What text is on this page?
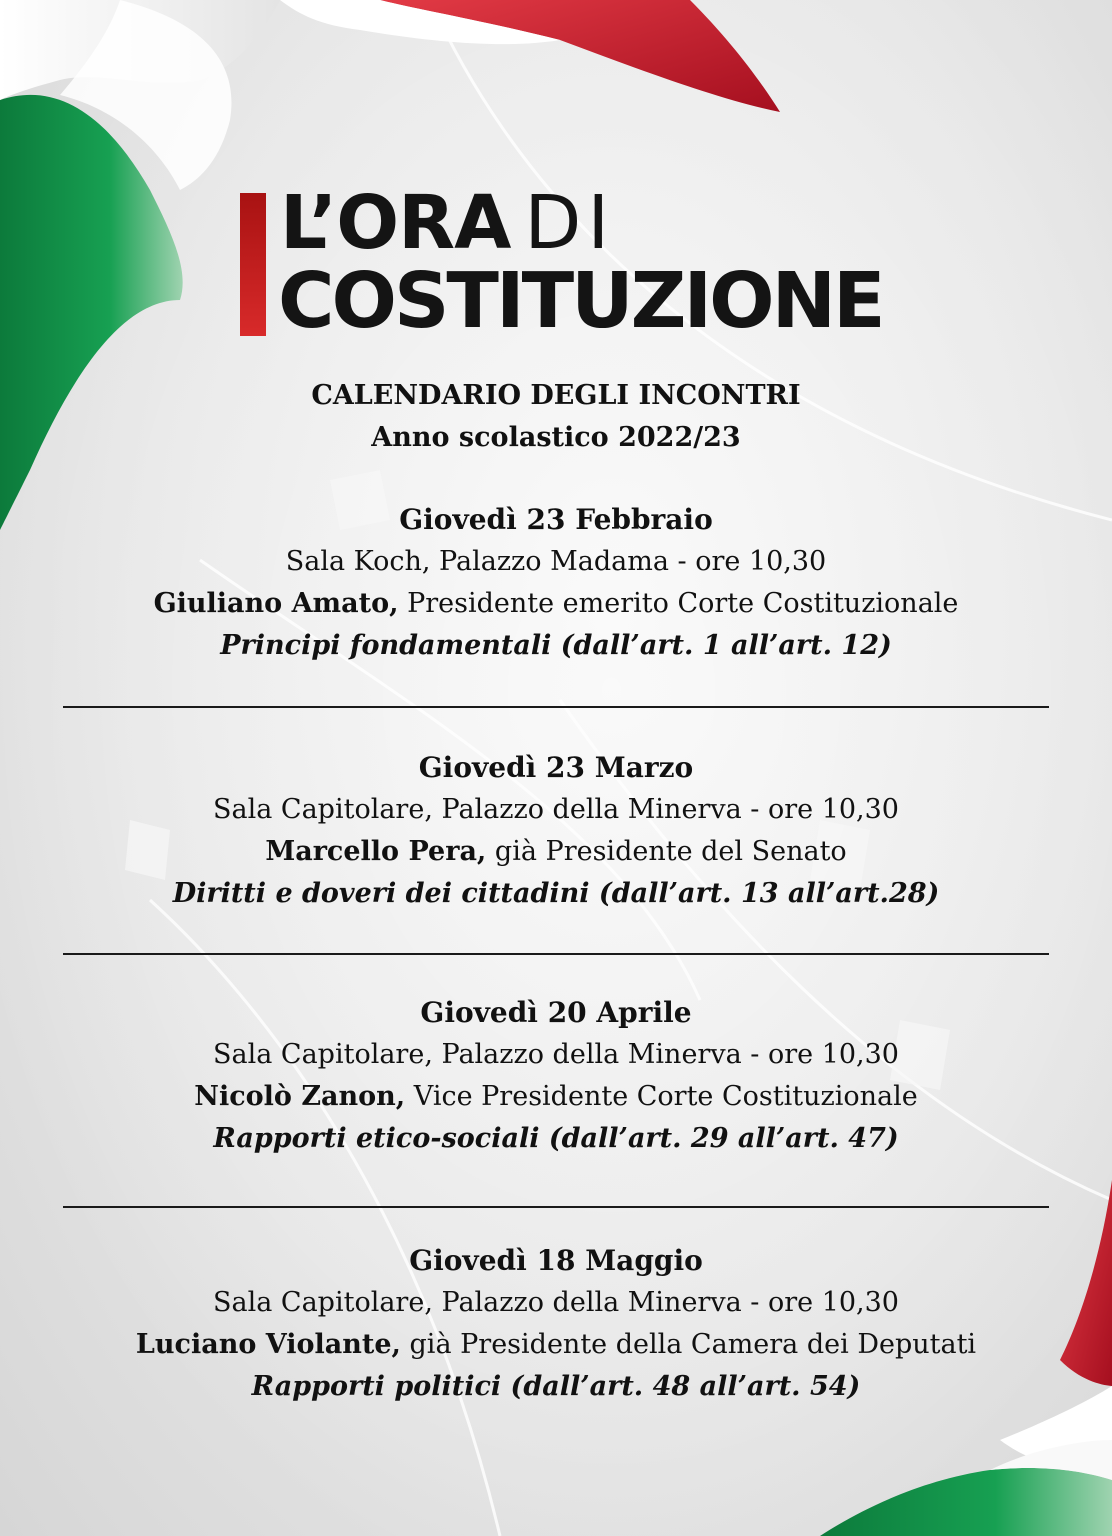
L’ORA DI
COSTITUZIONE
CALENDARIO DEGLI INCONTRI
Anno scolastico 2022/23
Giovedì 23 Febbraio
Sala Koch, Palazzo Madama - ore 10,30
Giuliano Amato, Presidente emerito Corte Costituzionale
Principi fondamentali (dall’art. 1 all’art. 12)
Giovedì 23 Marzo
Sala Capitolare, Palazzo della Minerva - ore 10,30
Marcello Pera, già Presidente del Senato
Diritti e doveri dei cittadini (dall’art. 13 all’art.28)
Giovedì 20 Aprile
Sala Capitolare, Palazzo della Minerva - ore 10,30
Nicolò Zanon, Vice Presidente Corte Costituzionale
Rapporti etico-sociali (dall’art. 29 all’art. 47)
Giovedì 18 Maggio
Sala Capitolare, Palazzo della Minerva - ore 10,30
Luciano Violante, già Presidente della Camera dei Deputati
Rapporti politici (dall’art. 48 all’art. 54)
